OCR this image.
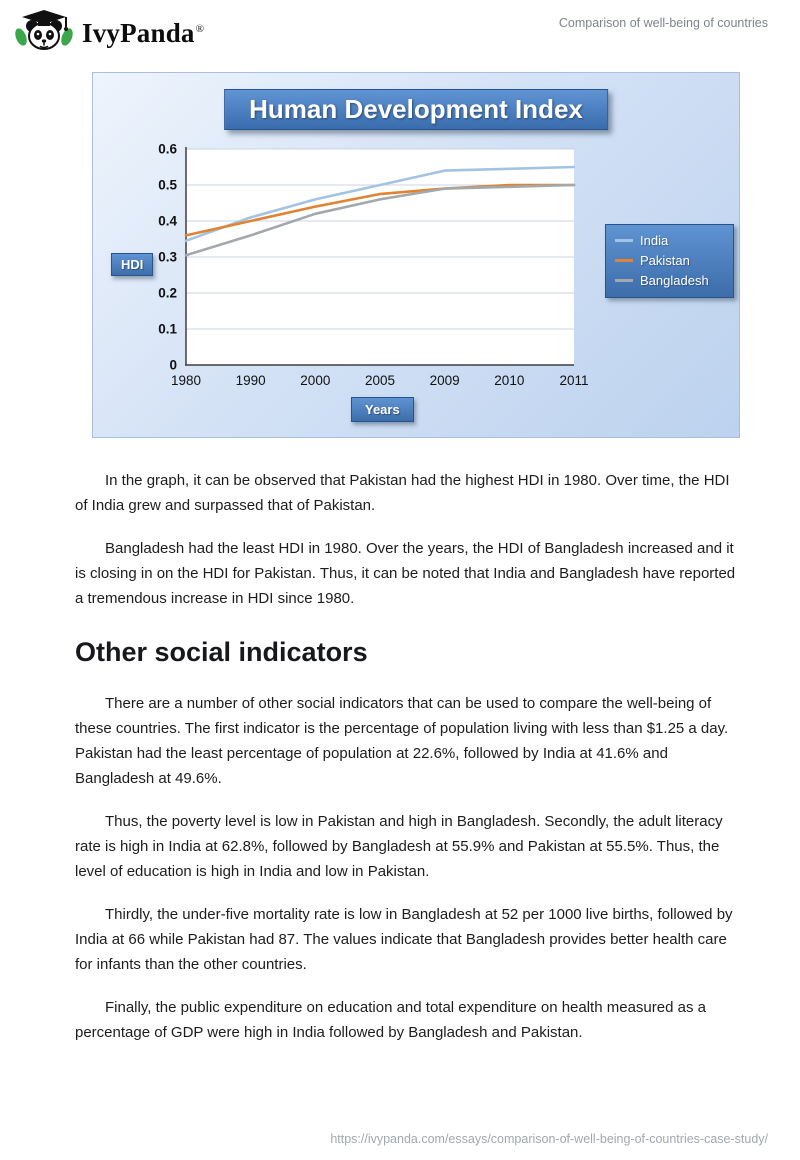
IvyPanda®	Comparison of well-being of countries
0
0.1
0.2
0.3
0.4
0.5
0.6
1980	1990	2000	2005	2009	2010	2011
Human Development Index
HDI
Years
India
Pakistan
Bangladesh

In the graph, it can be observed that Pakistan had the highest HDI in 1980. Over time, the HDI of India grew and surpassed that of Pakistan.

Bangladesh had the least HDI in 1980. Over the years, the HDI of Bangladesh increased and it is closing in on the HDI for Pakistan. Thus, it can be noted that India and Bangladesh have reported a tremendous increase in HDI since 1980.

Other social indicators

There are a number of other social indicators that can be used to compare the well-being of these countries. The first indicator is the percentage of population living with less than $1.25 a day. Pakistan had the least percentage of population at 22.6%, followed by India at 41.6% and Bangladesh at 49.6%.

Thus, the poverty level is low in Pakistan and high in Bangladesh. Secondly, the adult literacy rate is high in India at 62.8%, followed by Bangladesh at 55.9% and Pakistan at 55.5%. Thus, the level of education is high in India and low in Pakistan.

Thirdly, the under-five mortality rate is low in Bangladesh at 52 per 1000 live births, followed by India at 66 while Pakistan had 87. The values indicate that Bangladesh provides better health care for infants than the other countries.

Finally, the public expenditure on education and total expenditure on health measured as a percentage of GDP were high in India followed by Bangladesh and Pakistan.

https://ivypanda.com/essays/comparison-of-well-being-of-countries-case-study/
